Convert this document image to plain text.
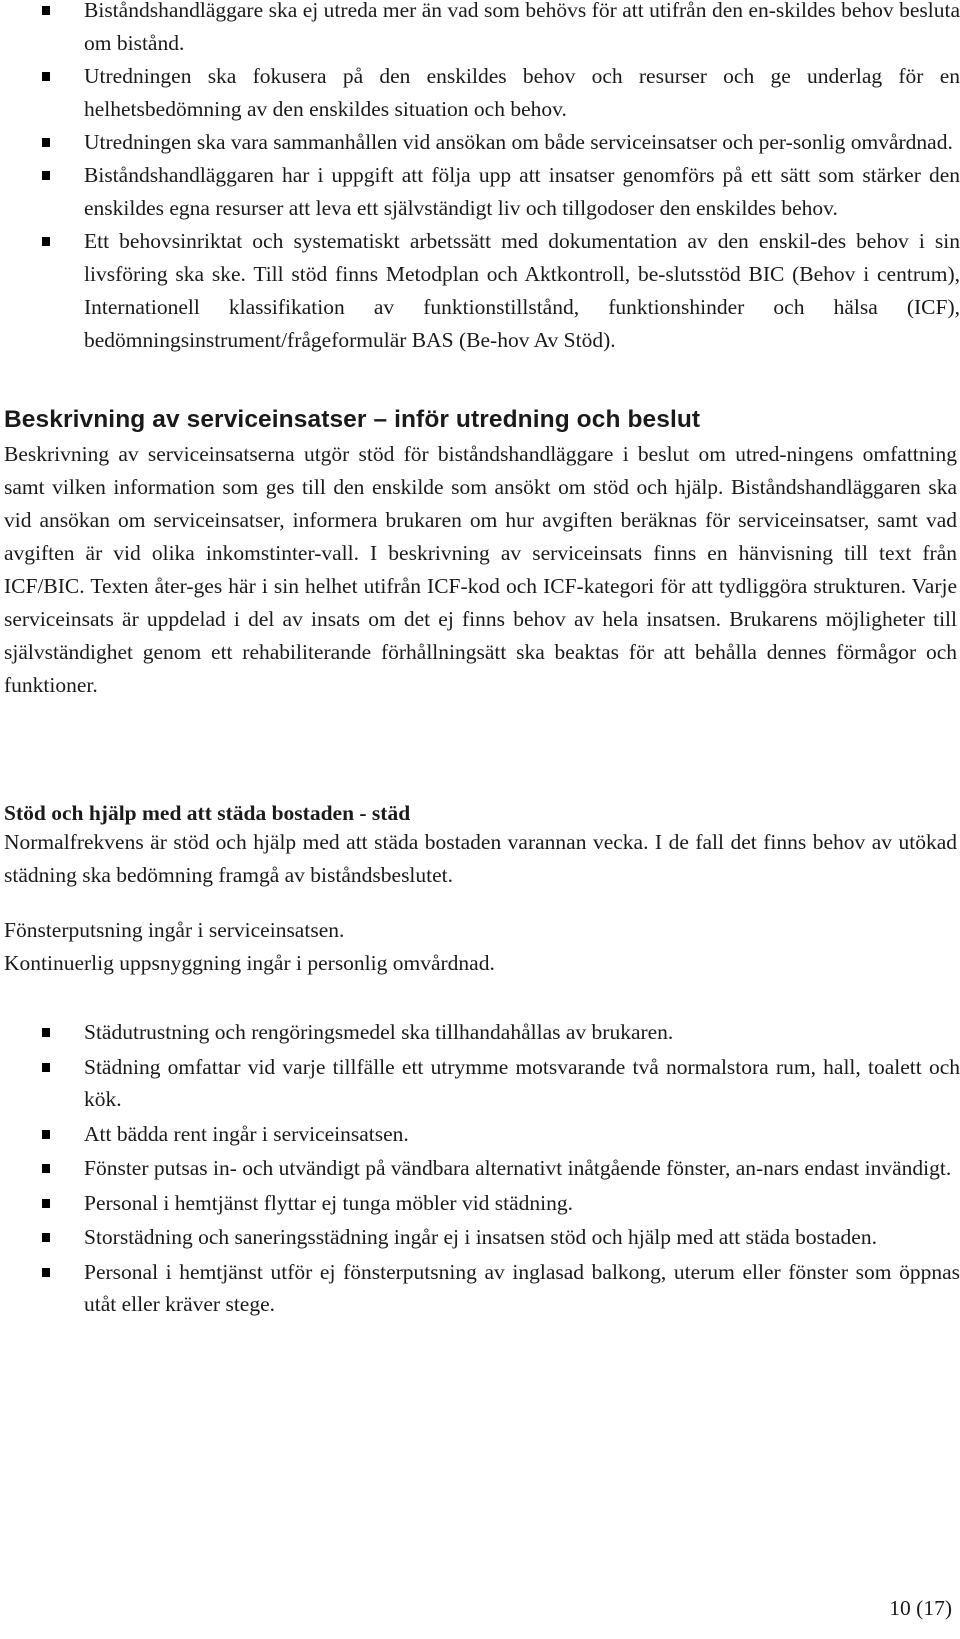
Biståndshandläggare ska ej utreda mer än vad som behövs för att utifrån den en-skildes behov besluta om bistånd.
Utredningen ska fokusera på den enskildes behov och resurser och ge underlag för en helhetsbedömning av den enskildes situation och behov.
Utredningen ska vara sammanhållen vid ansökan om både serviceinsatser och per-sonlig omvårdnad.
Biståndshandläggaren har i uppgift att följa upp att insatser genomförs på ett sätt som stärker den enskildes egna resurser att leva ett självständigt liv och tillgodoser den enskildes behov.
Ett behovsinriktat och systematiskt arbetssätt med dokumentation av den enskil-des behov i sin livsföring ska ske. Till stöd finns Metodplan och Aktkontroll, be-slutsstöd BIC (Behov i centrum), Internationell klassifikation av funktionstillstånd, funktionshinder och hälsa (ICF), bedömningsinstrument/frågeformulär BAS (Be-hov Av Stöd).
Beskrivning av serviceinsatser – inför utredning och beslut

Beskrivning av serviceinsatserna utgör stöd för biståndshandläggare i beslut om utred-ningens omfattning samt vilken information som ges till den enskilde som ansökt om stöd och hjälp. Biståndshandläggaren ska vid ansökan om serviceinsatser, informera brukaren om hur avgiften beräknas för serviceinsatser, samt vad avgiften är vid olika inkomstinter-vall. I beskrivning av serviceinsats finns en hänvisning till text från ICF/BIC. Texten åter-ges här i sin helhet utifrån ICF-kod och ICF-kategori för att tydliggöra strukturen. Varje serviceinsats är uppdelad i del av insats om det ej finns behov av hela insatsen. Brukarens möjligheter till självständighet genom ett rehabiliterande förhållningsätt ska beaktas för att behålla dennes förmågor och funktioner.

Stöd och hjälp med att städa bostaden - städ

Normalfrekvens är stöd och hjälp med att städa bostaden varannan vecka. I de fall det finns behov av utökad städning ska bedömning framgå av biståndsbeslutet.

Fönsterputsning ingår i serviceinsatsen.

Kontinuerlig uppsnyggning ingår i personlig omvårdnad.

Städutrustning och rengöringsmedel ska tillhandahållas av brukaren.
Städning omfattar vid varje tillfälle ett utrymme motsvarande två normalstora rum, hall, toalett och kök.
Att bädda rent ingår i serviceinsatsen.
Fönster putsas in- och utvändigt på vändbara alternativt inåtgående fönster, an-nars endast invändigt.
Personal i hemtjänst flyttar ej tunga möbler vid städning.
Storstädning och saneringsstädning ingår ej i insatsen stöd och hjälp med att städa bostaden.
Personal i hemtjänst utför ej fönsterputsning av inglasad balkong, uterum eller fönster som öppnas utåt eller kräver stege.
10 (17)
